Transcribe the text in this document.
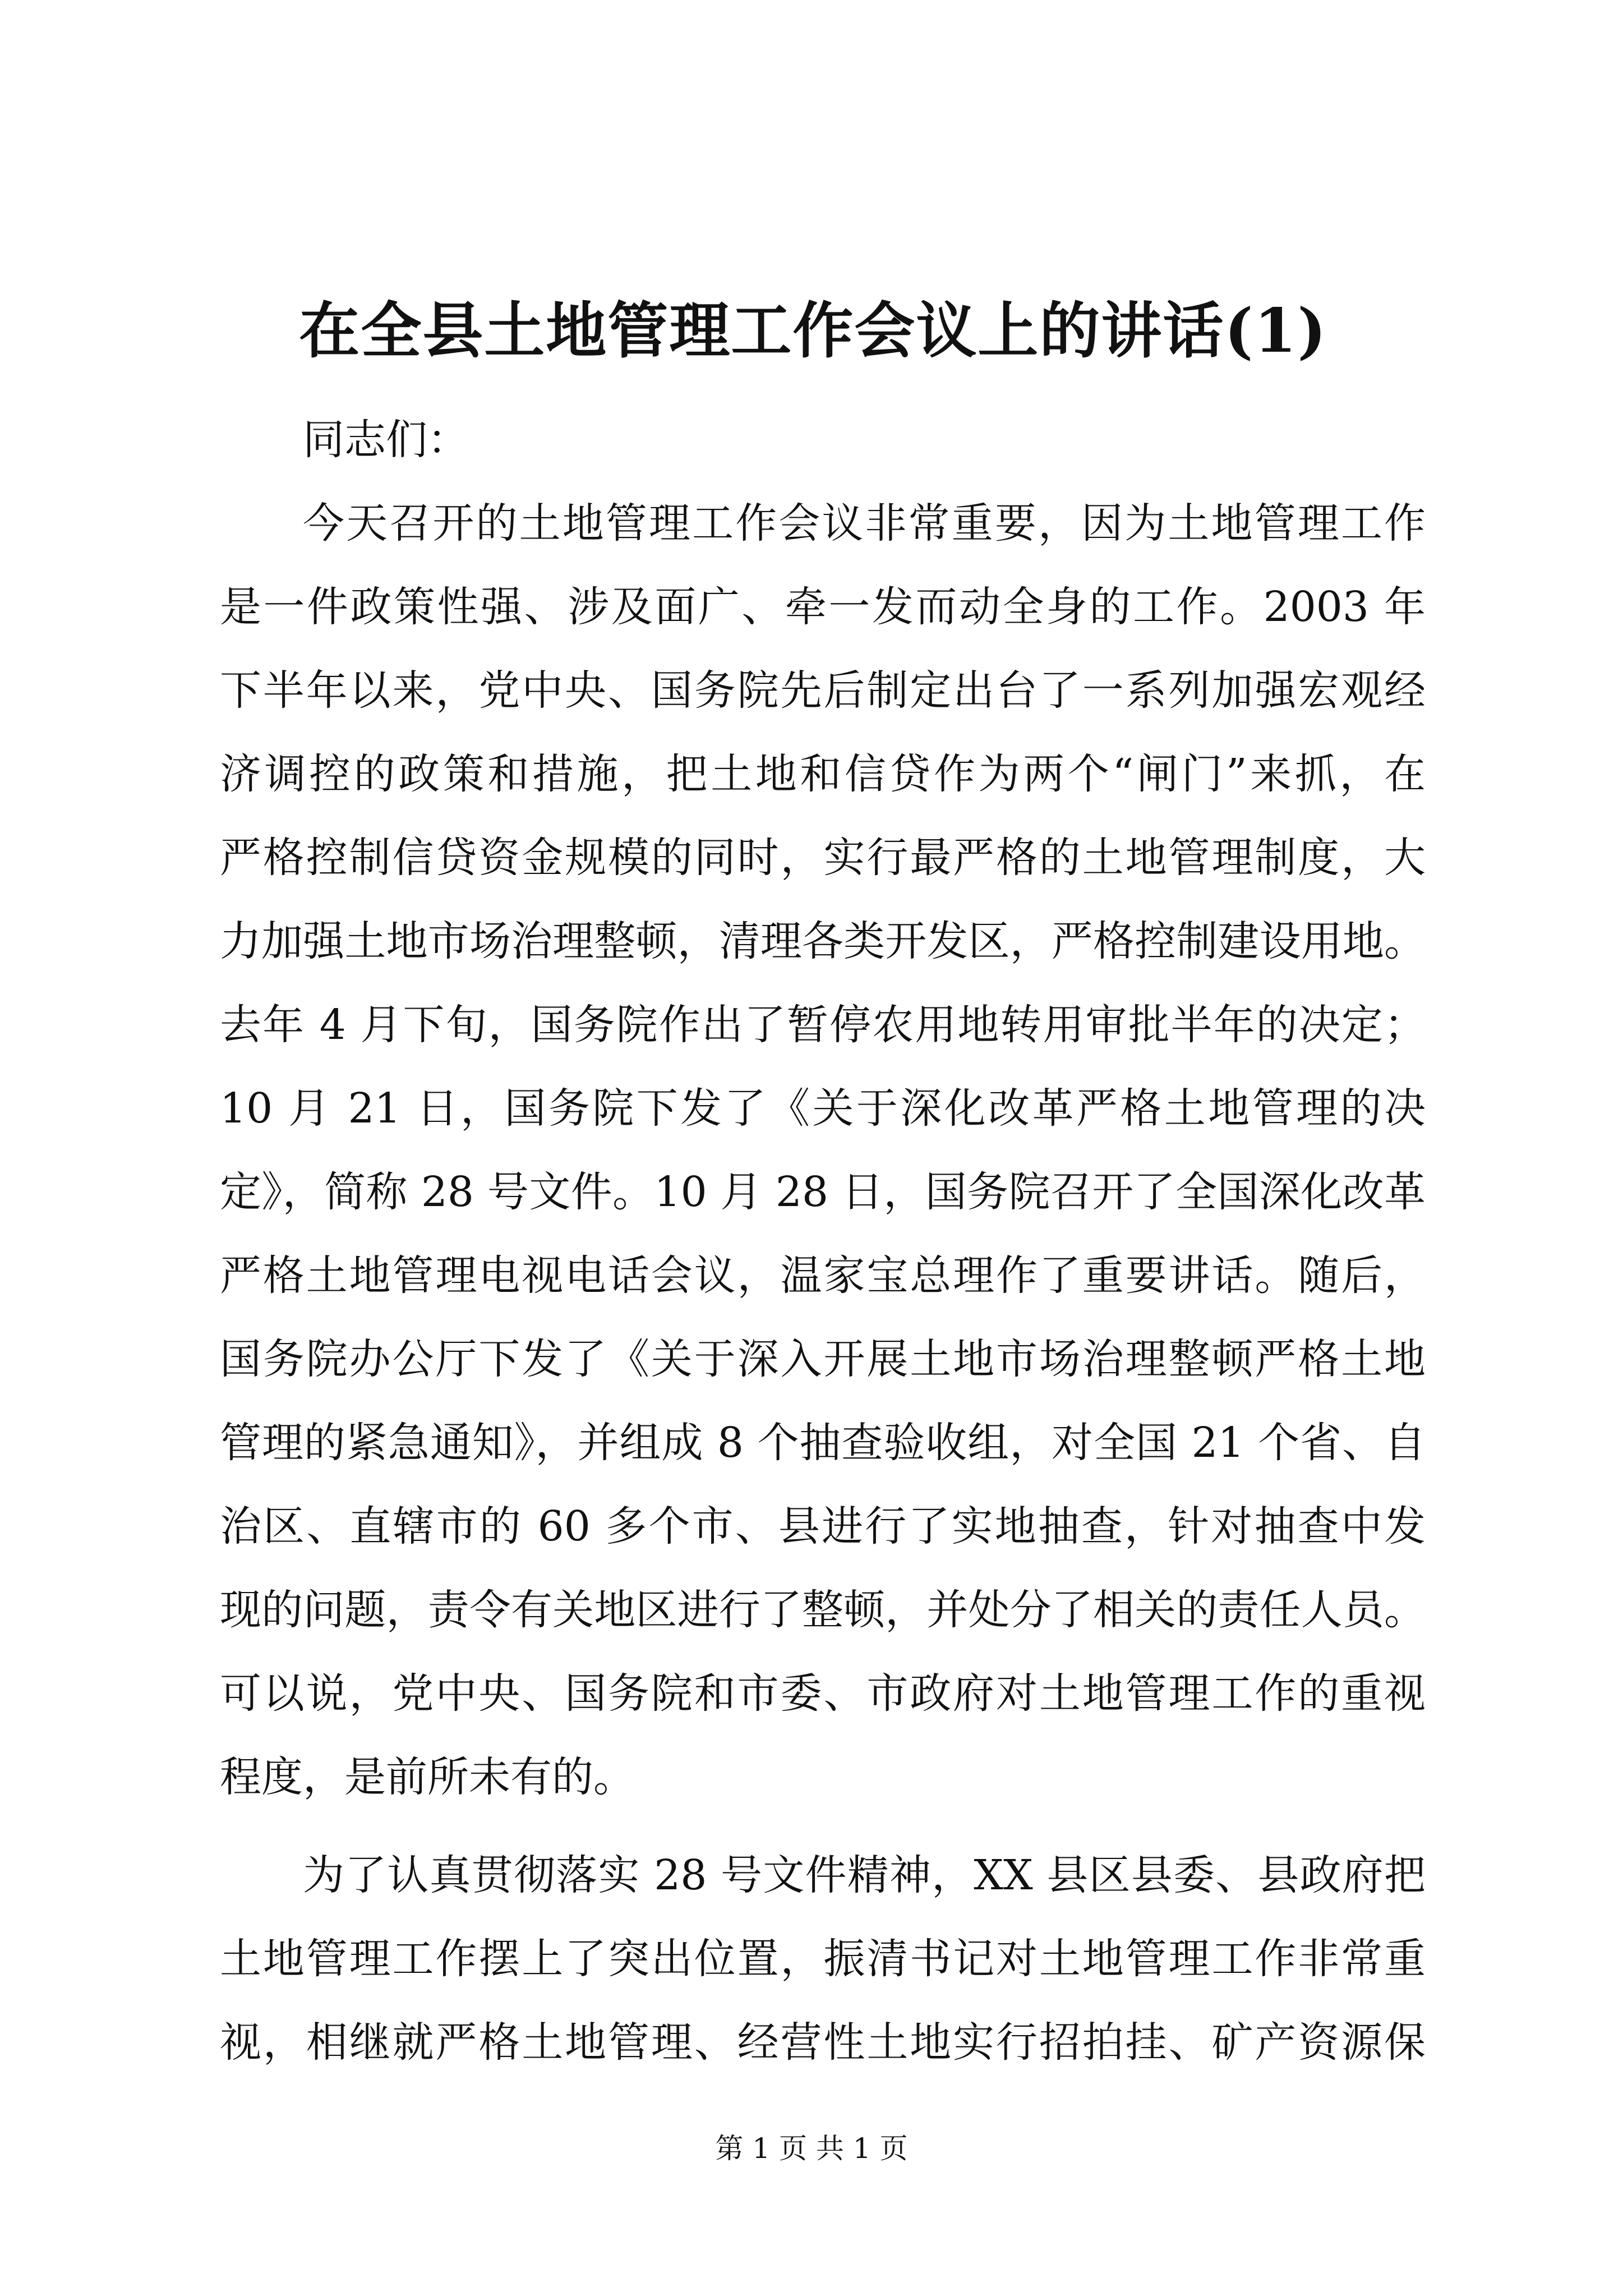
在全县土地管理工作会议上的讲话(1)
同志们：
今天召开的土地管理工作会议非常重要，因为土地管理工作
是一件政策性强、涉及面广、牵一发而动全身的工作。2003 年
下半年以来，党中央、国务院先后制定出台了一系列加强宏观经
济调控的政策和措施，把土地和信贷作为两个“闸门”来抓，在
严格控制信贷资金规模的同时，实行最严格的土地管理制度，大
力加强土地市场治理整顿，清理各类开发区，严格控制建设用地。
去年 4 月下旬，国务院作出了暂停农用地转用审批半年的决定；
10 月 21 日，国务院下发了《关于深化改革严格土地管理的决
定》，简称 28 号文件。10 月 28 日，国务院召开了全国深化改革
严格土地管理电视电话会议，温家宝总理作了重要讲话。随后，
国务院办公厅下发了《关于深入开展土地市场治理整顿严格土地
管理的紧急通知》，并组成 8 个抽查验收组，对全国 21 个省、自
治区、直辖市的 60 多个市、县进行了实地抽查，针对抽查中发
现的问题，责令有关地区进行了整顿，并处分了相关的责任人员。
可以说，党中央、国务院和市委、市政府对土地管理工作的重视
程度，是前所未有的。
为了认真贯彻落实 28 号文件精神，XX 县区县委、县政府把
土地管理工作摆上了突出位置，振清书记对土地管理工作非常重
视，相继就严格土地管理、经营性土地实行招拍挂、矿产资源保
第 1 页 共 1 页
